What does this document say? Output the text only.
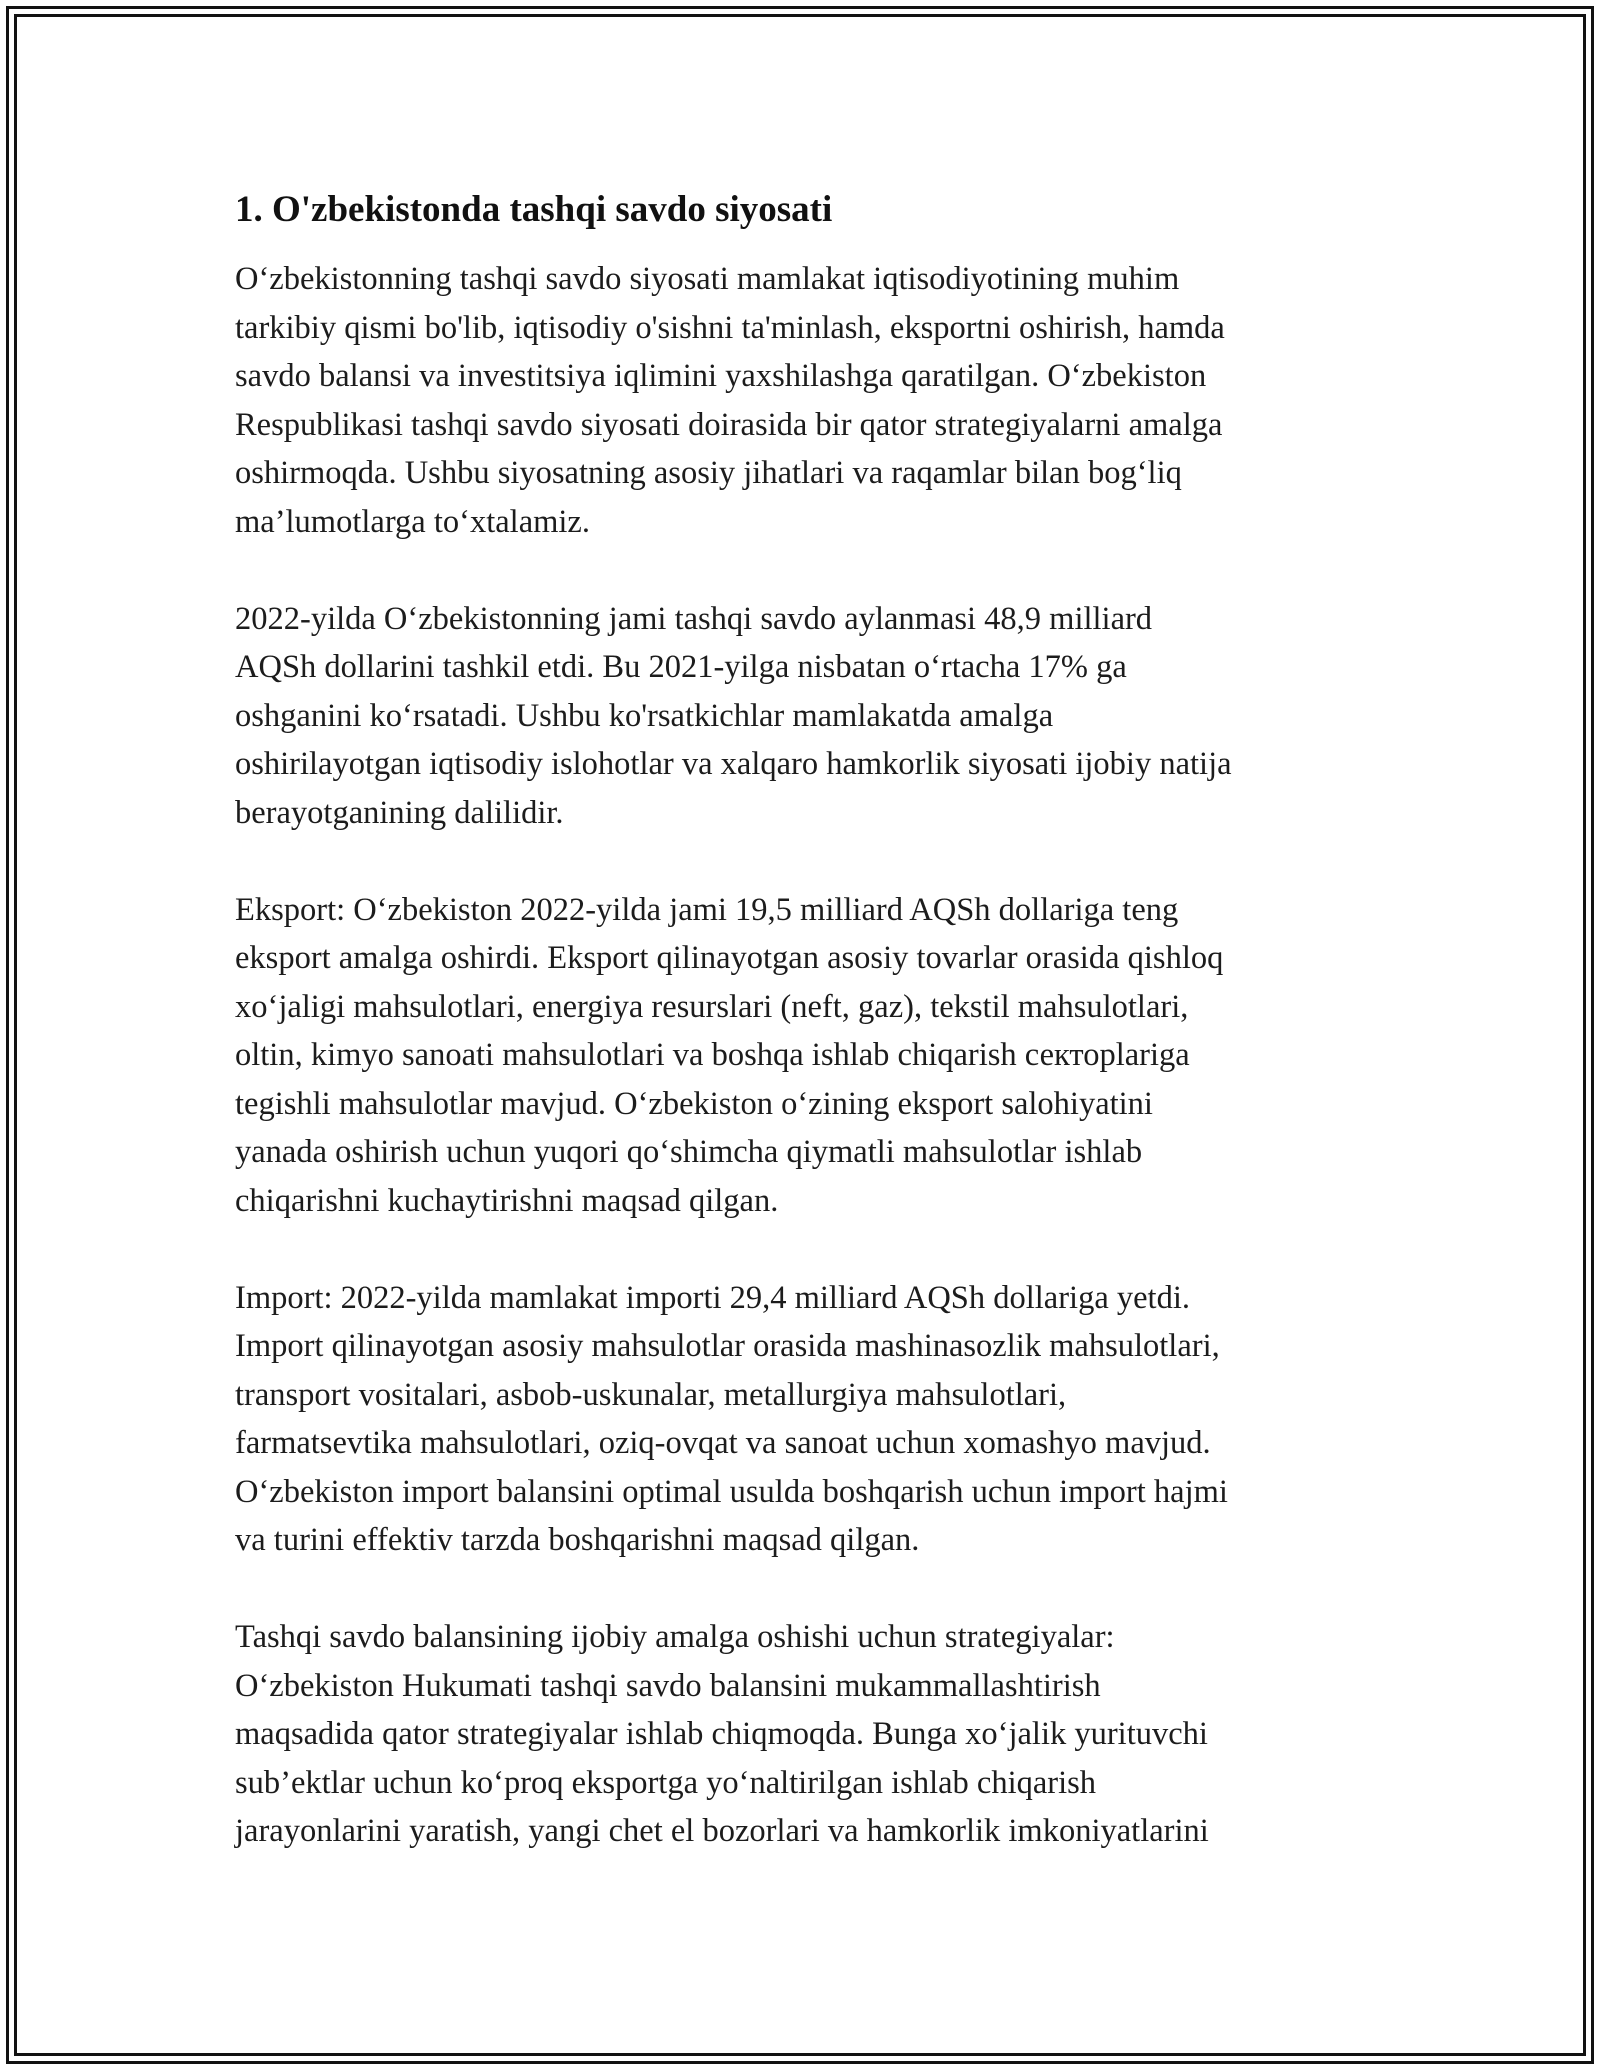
1. O'zbekistonda tashqi savdo siyosati

O‘zbekistonning tashqi savdo siyosati mamlakat iqtisodiyotining muhim
tarkibiy qismi bo'lib, iqtisodiy o'sishni ta'minlash, eksportni oshirish, hamda
savdo balansi va investitsiya iqlimini yaxshilashga qaratilgan. O‘zbekiston
Respublikasi tashqi savdo siyosati doirasida bir qator strategiyalarni amalga
oshirmoqda. Ushbu siyosatning asosiy jihatlari va raqamlar bilan bog‘liq
ma’lumotlarga to‘xtalamiz.

2022-yilda O‘zbekistonning jami tashqi savdo aylanmasi 48,9 milliard
AQSh dollarini tashkil etdi. Bu 2021-yilga nisbatan o‘rtacha 17% ga
oshganini ko‘rsatadi. Ushbu ko'rsatkichlar mamlakatda amalga
oshirilayotgan iqtisodiy islohotlar va xalqaro hamkorlik siyosati ijobiy natija
berayotganining dalilidir.

Eksport: O‘zbekiston 2022-yilda jami 19,5 milliard AQSh dollariga teng
eksport amalga oshirdi. Eksport qilinayotgan asosiy tovarlar orasida qishloq
xo‘jaligi mahsulotlari, energiya resurslari (neft, gaz), tekstil mahsulotlari,
oltin, kimyo sanoati mahsulotlari va boshqa ishlab chiqarish секторlariga
tegishli mahsulotlar mavjud. O‘zbekiston o‘zining eksport salohiyatini
yanada oshirish uchun yuqori qo‘shimcha qiymatli mahsulotlar ishlab
chiqarishni kuchaytirishni maqsad qilgan.

Import: 2022-yilda mamlakat importi 29,4 milliard AQSh dollariga yetdi.
Import qilinayotgan asosiy mahsulotlar orasida mashinasozlik mahsulotlari,
transport vositalari, asbob-uskunalar, metallurgiya mahsulotlari,
farmatsevtika mahsulotlari, oziq-ovqat va sanoat uchun xomashyo mavjud.
O‘zbekiston import balansini optimal usulda boshqarish uchun import hajmi
va turini effektiv tarzda boshqarishni maqsad qilgan.

Tashqi savdo balansining ijobiy amalga oshishi uchun strategiyalar:
O‘zbekiston Hukumati tashqi savdo balansini mukammallashtirish
maqsadida qator strategiyalar ishlab chiqmoqda. Bunga xo‘jalik yurituvchi
sub’ektlar uchun ko‘proq eksportga yo‘naltirilgan ishlab chiqarish
jarayonlarini yaratish, yangi chet el bozorlari va hamkorlik imkoniyatlarini
